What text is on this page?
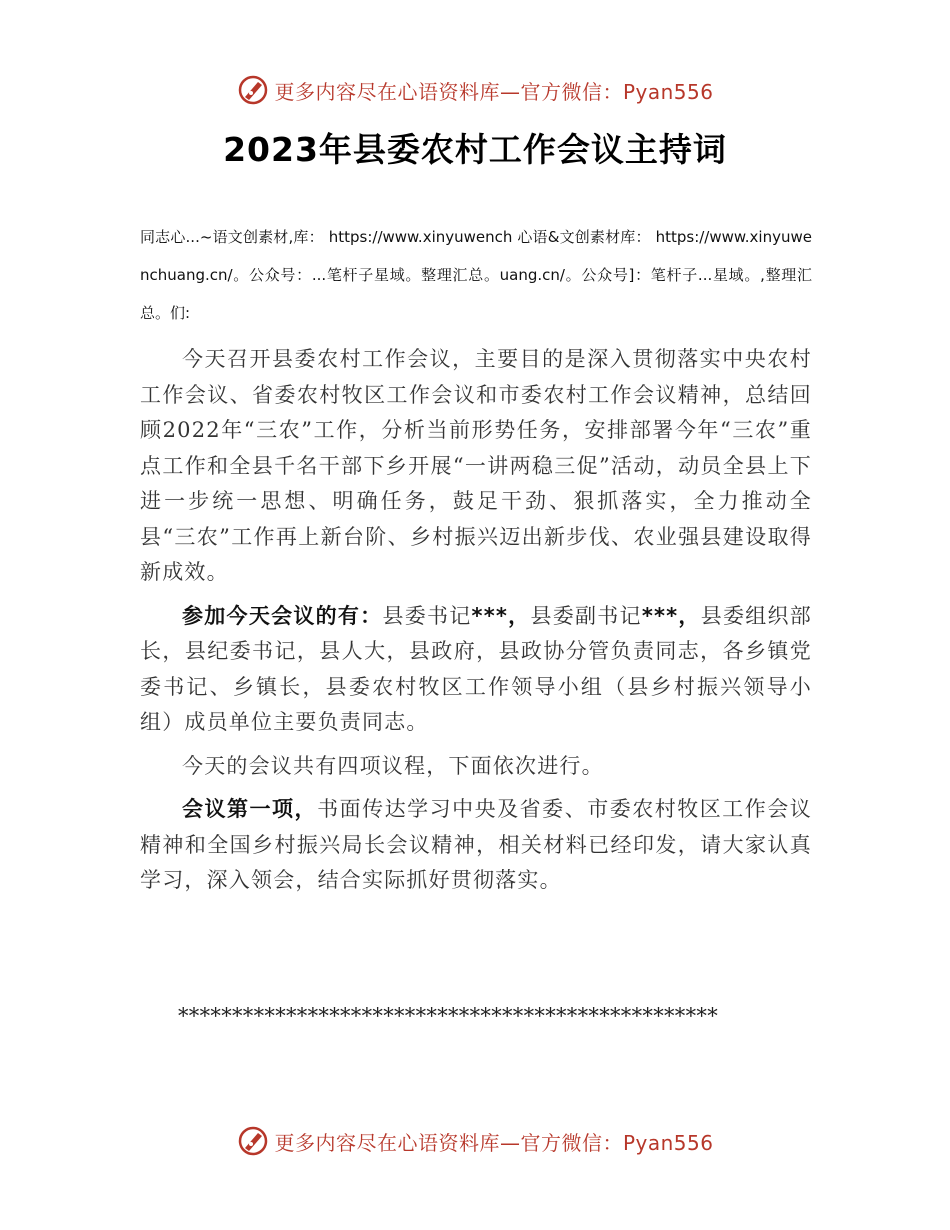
更多内容尽在心语资料库—官方微信：Pyan556
2023年县委农村工作会议主持词
同志心...~语文创素材,库： https://www.xinyuwench 心语&文创素材库： https://www.xinyuwenchuang.cn/。公众号：...笔杆子星域。整理汇总。uang.cn/。公众号]：笔杆子...星域。,整理汇总。们:

今天召开县委农村工作会议，主要目的是深入贯彻落实中央农村工作会议、省委农村牧区工作会议和市委农村工作会议精神，总结回顾2022年“三农”工作，分析当前形势任务，安排部署今年“三农”重点工作和全县千名干部下乡开展“一讲两稳三促”活动，动员全县上下进一步统一思想、明确任务，鼓足干劲、狠抓落实，全力推动全县“三农”工作再上新台阶、乡村振兴迈出新步伐、农业强县建设取得新成效。

参加今天会议的有：县委书记***，县委副书记***，县委组织部长，县纪委书记，县人大，县政府，县政协分管负责同志，各乡镇党委书记、乡镇长，县委农村牧区工作领导小组（县乡村振兴领导小组）成员单位主要负责同志。

今天的会议共有四项议程，下面依次进行。

会议第一项，书面传达学习中央及省委、市委农村牧区工作会议精神和全国乡村振兴局长会议精神，相关材料已经印发，请大家认真学习，深入领会，结合实际抓好贯彻落实。

**************************************************
更多内容尽在心语资料库—官方微信：Pyan556
